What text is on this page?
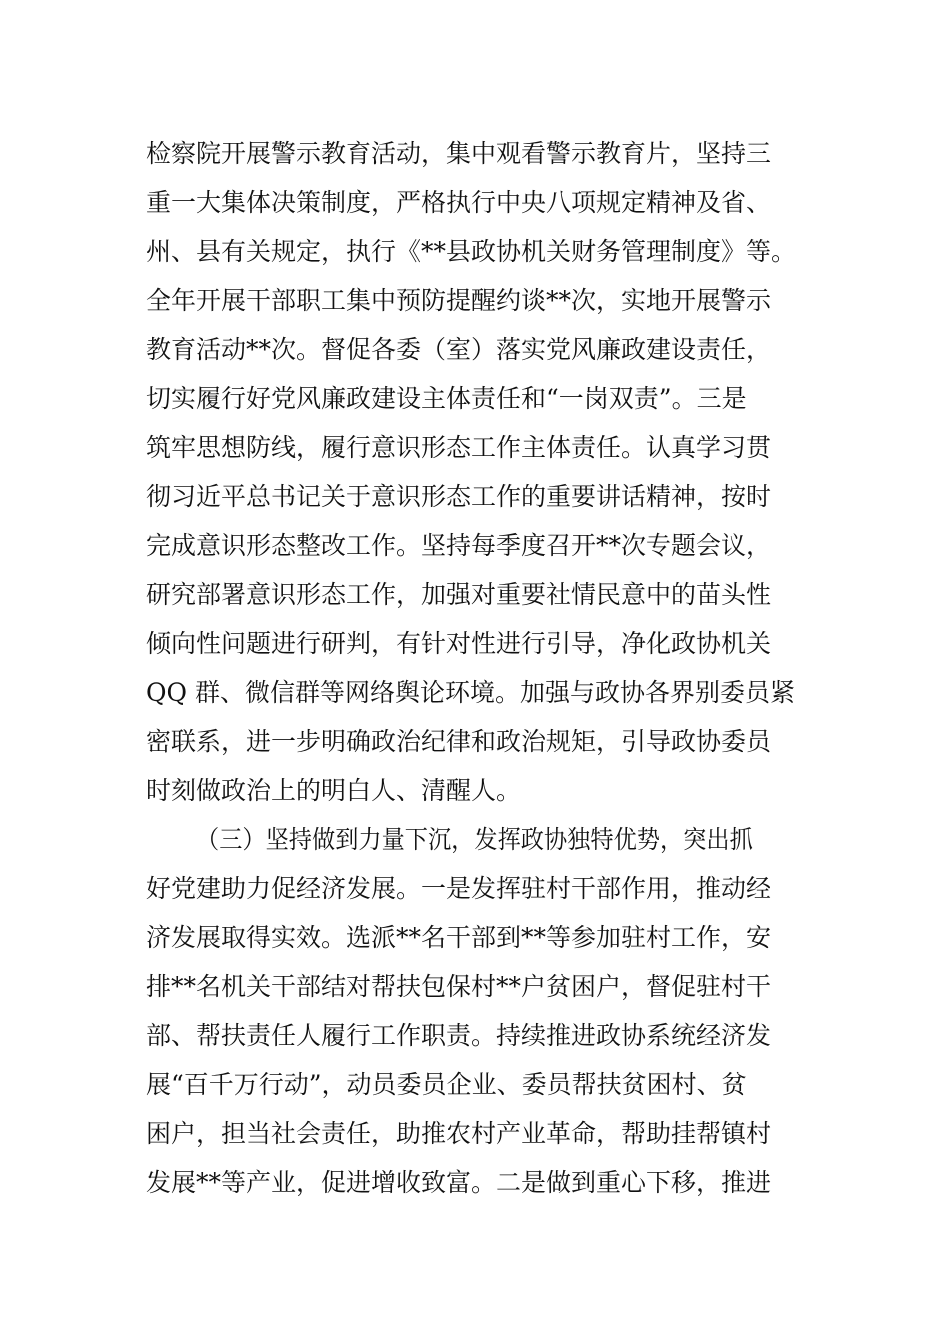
检察院开展警示教育活动，集中观看警示教育片，坚持三
重一大集体决策制度，严格执行中央八项规定精神及省、
州、县有关规定，执行《**县政协机关财务管理制度》等。
全年开展干部职工集中预防提醒约谈**次，实地开展警示
教育活动**次。督促各委（室）落实党风廉政建设责任，
切实履行好党风廉政建设主体责任和“一岗双责”。三是
筑牢思想防线，履行意识形态工作主体责任。认真学习贯
彻习近平总书记关于意识形态工作的重要讲话精神，按时
完成意识形态整改工作。坚持每季度召开**次专题会议，
研究部署意识形态工作，加强对重要社情民意中的苗头性
倾向性问题进行研判，有针对性进行引导，净化政协机关
QQ 群、微信群等网络舆论环境。加强与政协各界别委员紧
密联系，进一步明确政治纪律和政治规矩，引导政协委员
时刻做政治上的明白人、清醒人。
（三）坚持做到力量下沉，发挥政协独特优势，突出抓
好党建助力促经济发展。一是发挥驻村干部作用，推动经
济发展取得实效。选派**名干部到**等参加驻村工作，安
排**名机关干部结对帮扶包保村**户贫困户，督促驻村干
部、帮扶责任人履行工作职责。持续推进政协系统经济发
展“百千万行动”，动员委员企业、委员帮扶贫困村、贫
困户，担当社会责任，助推农村产业革命，帮助挂帮镇村
发展**等产业，促进增收致富。二是做到重心下移，推进
